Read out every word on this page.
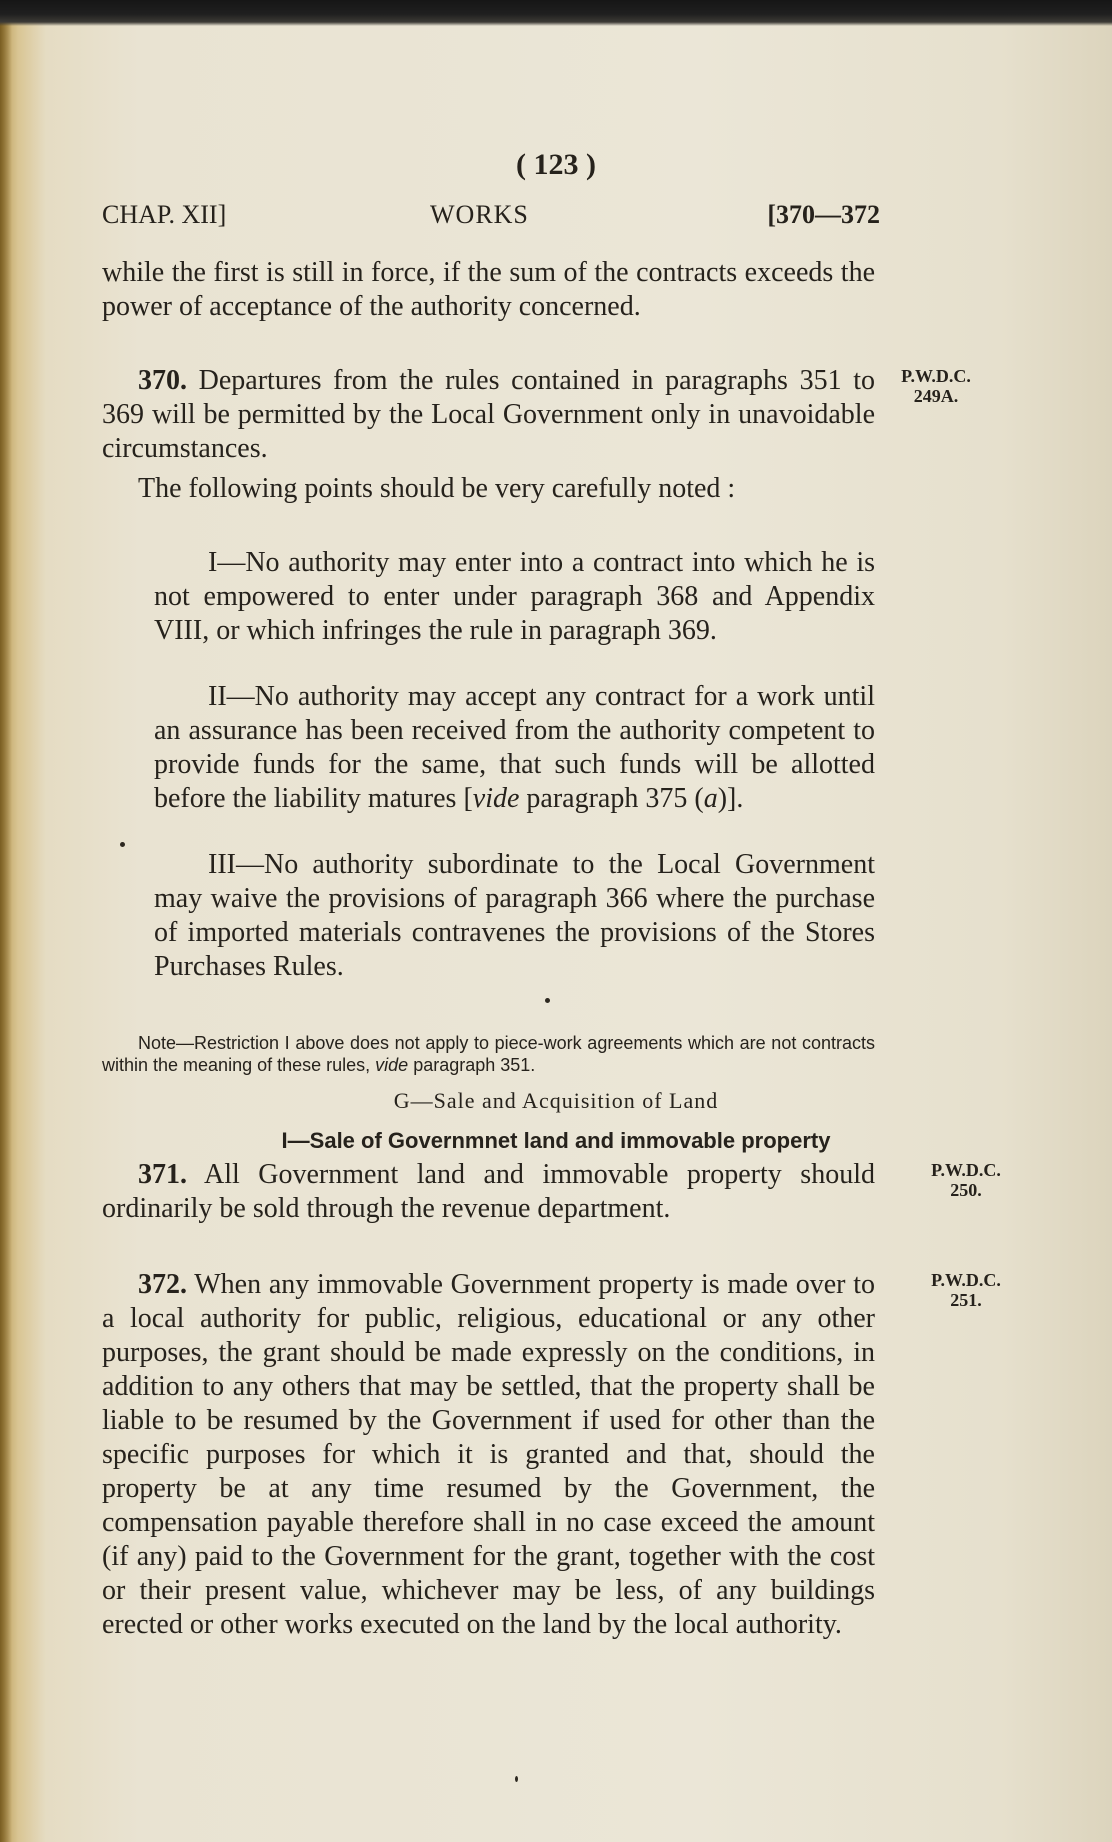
( 123 )
CHAP. XII]	WORKS	[370—372
while the first is still in force, if the sum of the contracts exceeds the power of acceptance of the authority concerned.
370. Departures from the rules contained in paragraphs 351 to 369 will be permitted by the Local Government only in unavoidable circumstances.
The following points should be very carefully noted :
I—No authority may enter into a contract into which he is not empowered to enter under paragraph 368 and Appendix VIII, or which infringes the rule in paragraph 369.
II—No authority may accept any contract for a work until an assurance has been received from the authority competent to provide funds for the same, that such funds will be allotted before the liability matures [vide paragraph 375 (a)].
III—No authority subordinate to the Local Government may waive the provisions of paragraph 366 where the purchase of imported materials contravenes the provisions of the Stores Purchases Rules.
Note—Restriction I above does not apply to piece-work agreements which are not contracts within the meaning of these rules, vide paragraph 351.
G—Sale and Acquisition of Land
I—Sale of Governmnet land and immovable property
371. All Government land and immovable property should ordinarily be sold through the revenue department.
372. When any immovable Government property is made over to a local authority for public, religious, educational or any other purposes, the grant should be made expressly on the conditions, in addition to any others that may be settled, that the property shall be liable to be resumed by the Government if used for other than the specific purposes for which it is granted and that, should the property be at any time resumed by the Government, the compensation payable therefore shall in no case exceed the amount (if any) paid to the Government for the grant, together with the cost or their present value, whichever may be less, of any buildings erected or other works executed on the land by the local authority.
P.W.D.C.
249A.
P.W.D.C.
250.
P.W.D.C.
251.
